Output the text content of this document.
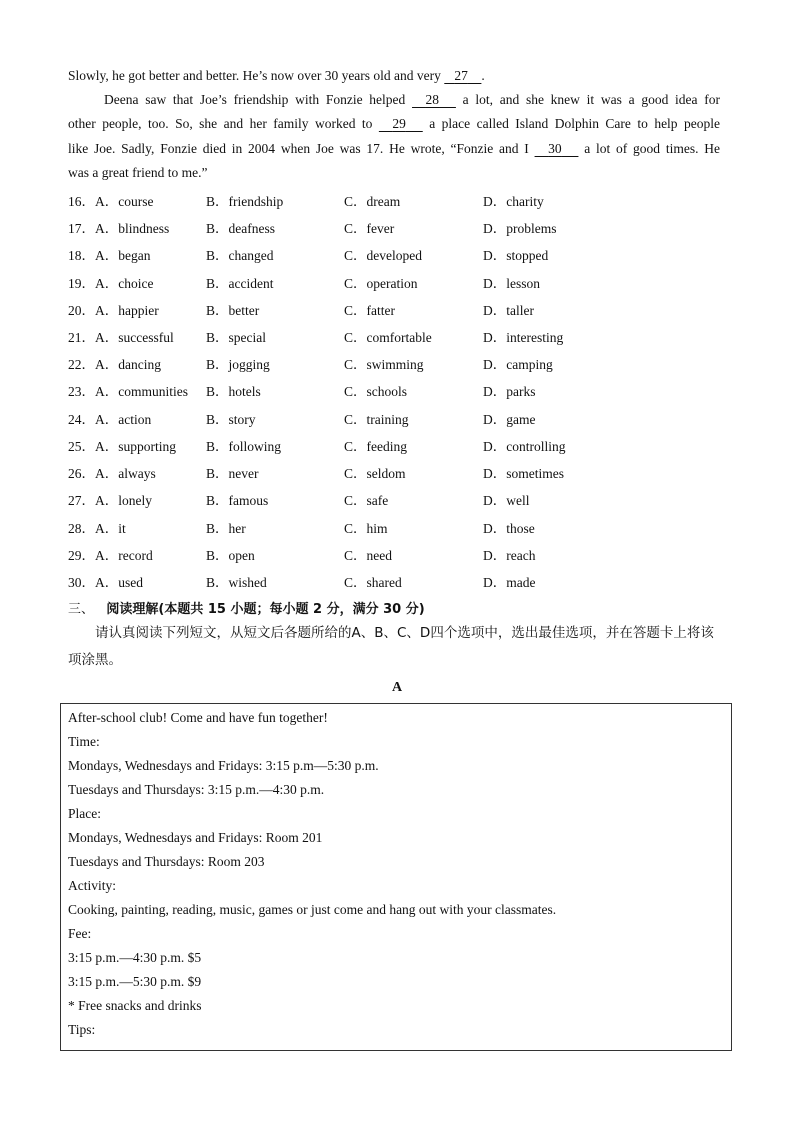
Slowly, he got better and better. He’s now over 30 years old and very    27 .
Deena saw that Joe’s friendship with Fonzie helped     28      a lot, and she knew it was a good idea for
other people, too. So, she and her family worked to     29      a place called Island Dolphin Care to help people
like Joe. Sadly, Fonzie died in 2004 when Joe was 17. He wrote, “Fonzie and I     30      a lot of good times. He
was a great friend to me.”
16．A．course	B．friendship	C．dream	D．charity
17．A．blindness	B．deafness	C．fever	D．problems
18．A．began	B．changed	C．developed	D．stopped
19．A．choice	B．accident	C．operation	D．lesson
20．A．happier	B．better	C．fatter	D．taller
21．A．successful B．special	C．comfortable	D．interesting
22．A．dancing	B．jogging	C．swimming	D．camping
23．A．communities B．hotels	C．schools	D．parks
24．A．action	B．story	C．training	D．game
25．A．supporting B．following	C．feeding	D．controlling
26．A．always	B．never	C．seldom	D．sometimes
27．A．lonely	B．famous	C．safe	D．well
28．A．it	B．her	C．him	D．those
29．A．record	B．open	C．need	D．reach
30．A．used	B．wished	C．shared	D．made
三、 阅读理解(本题共 15 小题；每小题 2 分，满分 30 分)
请认真阅读下列短文，从短文后各题所给的A、B、C、D四个选项中，选出最佳选项，并在答题卡上将该项涂黑。
A
After-school club! Come and have fun together!
Time:
Mondays, Wednesdays and Fridays: 3:15 p.m—5:30 p.m.
Tuesdays and Thursdays: 3:15 p.m.—4:30 p.m.
Place:
Mondays, Wednesdays and Fridays: Room 201
Tuesdays and Thursdays: Room 203
Activity:
Cooking, painting, reading, music, games or just come and hang out with your classmates.
Fee:
3:15 p.m.—4:30 p.m. $5
3:15 p.m.—5:30 p.m. $9
* Free snacks and drinks
Tips:
